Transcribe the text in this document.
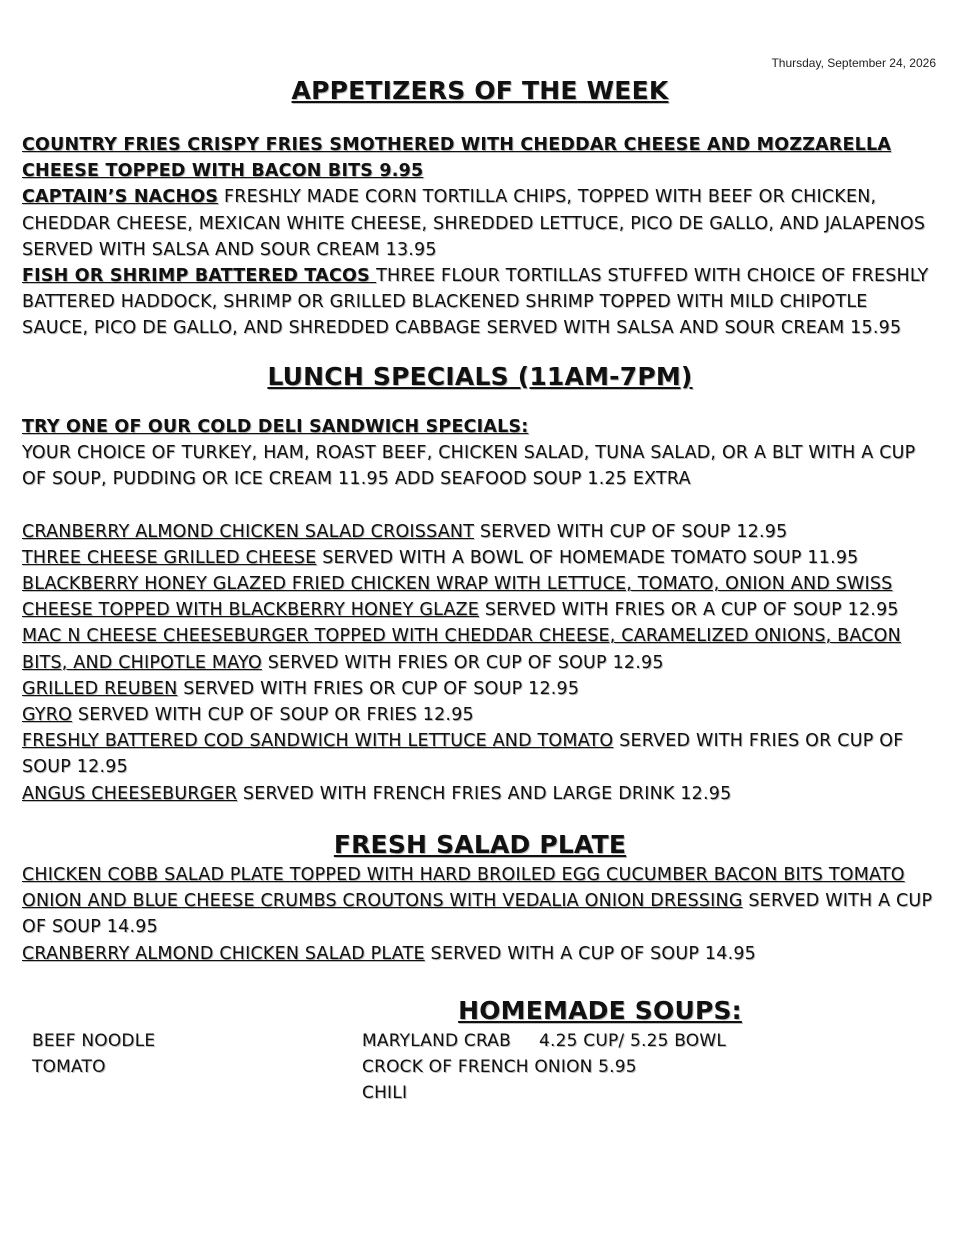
Thursday, September 24, 2026
APPETIZERS OF THE WEEK

COUNTRY FRIES CRISPY FRIES SMOTHERED WITH CHEDDAR CHEESE AND MOZZARELLA CHEESE TOPPED WITH BACON BITS 9.95

CAPTAIN’S NACHOS FRESHLY MADE CORN TORTILLA CHIPS, TOPPED WITH BEEF OR CHICKEN, CHEDDAR CHEESE, MEXICAN WHITE CHEESE, SHREDDED LETTUCE, PICO DE GALLO, AND JALAPENOS SERVED WITH SALSA AND SOUR CREAM 13.95

FISH OR SHRIMP BATTERED TACOS THREE FLOUR TORTILLAS STUFFED WITH CHOICE OF FRESHLY BATTERED HADDOCK, SHRIMP OR GRILLED BLACKENED SHRIMP TOPPED WITH MILD CHIPOTLE SAUCE, PICO DE GALLO, AND SHREDDED CABBAGE SERVED WITH SALSA AND SOUR CREAM 15.95

LUNCH SPECIALS (11AM-7PM)

TRY ONE OF OUR COLD DELI SANDWICH SPECIALS:

YOUR CHOICE OF TURKEY, HAM, ROAST BEEF, CHICKEN SALAD, TUNA SALAD, OR A BLT WITH A CUP OF SOUP, PUDDING OR ICE CREAM 11.95 ADD SEAFOOD SOUP 1.25 EXTRA

CRANBERRY ALMOND CHICKEN SALAD CROISSANT SERVED WITH CUP OF SOUP 12.95

THREE CHEESE GRILLED CHEESE SERVED WITH A BOWL OF HOMEMADE TOMATO SOUP 11.95

BLACKBERRY HONEY GLAZED FRIED CHICKEN WRAP WITH LETTUCE, TOMATO, ONION AND SWISS CHEESE TOPPED WITH BLACKBERRY HONEY GLAZE SERVED WITH FRIES OR A CUP OF SOUP 12.95

MAC N CHEESE CHEESEBURGER TOPPED WITH CHEDDAR CHEESE, CARAMELIZED ONIONS, BACON BITS, AND CHIPOTLE MAYO SERVED WITH FRIES OR CUP OF SOUP 12.95

GRILLED REUBEN SERVED WITH FRIES OR CUP OF SOUP 12.95

GYRO SERVED WITH CUP OF SOUP OR FRIES 12.95

FRESHLY BATTERED COD SANDWICH WITH LETTUCE AND TOMATO SERVED WITH FRIES OR CUP OF SOUP 12.95

ANGUS CHEESEBURGER SERVED WITH FRENCH FRIES AND LARGE DRINK 12.95

FRESH SALAD PLATE

CHICKEN COBB SALAD PLATE TOPPED WITH HARD BROILED EGG CUCUMBER BACON BITS TOMATO ONION AND BLUE CHEESE CRUMBS CROUTONS WITH VEDALIA ONION DRESSING SERVED WITH A CUP OF SOUP 14.95

CRANBERRY ALMOND CHICKEN SALAD PLATE SERVED WITH A CUP OF SOUP 14.95

HOMEMADE SOUPS:
BEEF NOODLE	MARYLAND CRAB     4.25 CUP/ 5.25 BOWL
TOMATO	CROCK OF FRENCH ONION 5.95
CHILI
